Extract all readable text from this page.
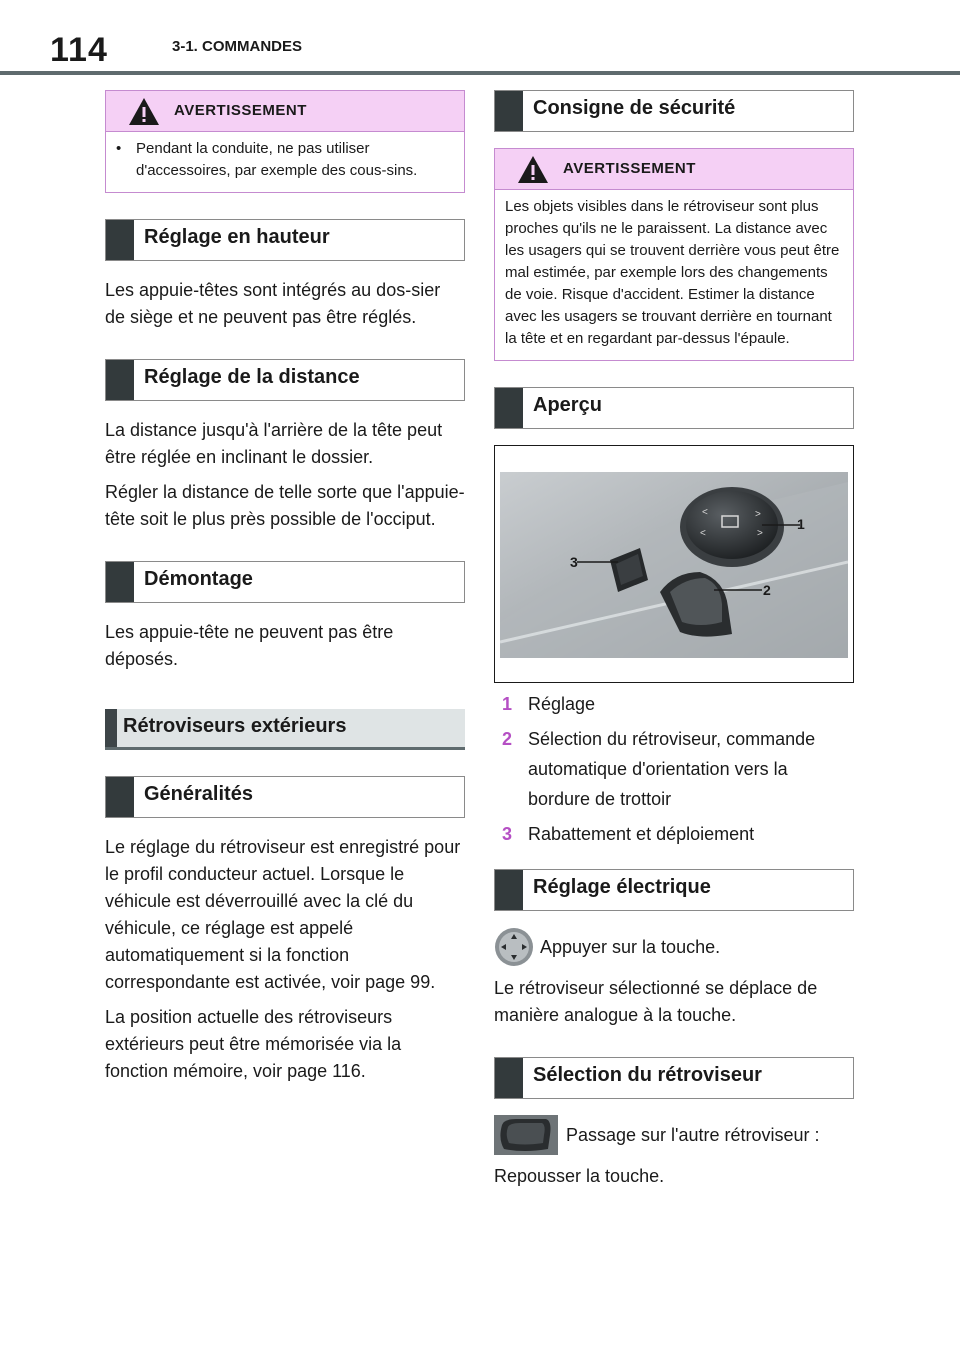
114	3-1. COMMANDES
AVERTISSEMENT
• Pendant la conduite, ne pas utiliser d'accessoires, par exemple des cous-sins.
Réglage en hauteur

Les appuie-têtes sont intégrés au dos-sier de siège et ne peuvent pas être réglés.

Réglage de la distance

La distance jusqu'à l'arrière de la tête peut être réglée en inclinant le dossier.

Régler la distance de telle sorte que l'appuie-tête soit le plus près possible de l'occiput.

Démontage

Les appuie-tête ne peuvent pas être déposés.

Rétroviseurs extérieurs
Généralités

Le réglage du rétroviseur est enregistré pour le profil conducteur actuel. Lorsque le véhicule est déverrouillé avec la clé du véhicule, ce réglage est appelé automatiquement si la fonction correspondante est activée, voir page 99.

La position actuelle des rétroviseurs extérieurs peut être mémorisée via la fonction mémoire, voir page 116.

Consigne de sécurité
AVERTISSEMENT
Les objets visibles dans le rétroviseur sont plus proches qu'ils ne le paraissent. La distance avec les usagers qui se trouvent derrière vous peut être mal estimée, par exemple lors des changements de voie. Risque d'accident. Estimer la distance avec les usagers se trouvant derrière en tournant la tête et en regardant par-dessus l'épaule.
Aperçu
<	>
<	>
1
2
3
1 Réglage
2 Sélection du rétroviseur, commande automatique d'orientation vers la bordure de trottoir
3 Rabattement et déploiement
Réglage électrique
Appuyer sur la touche.

Le rétroviseur sélectionné se déplace de manière analogue à la touche.

Sélection du rétroviseur
Passage sur l'autre rétroviseur :

Repousser la touche.
